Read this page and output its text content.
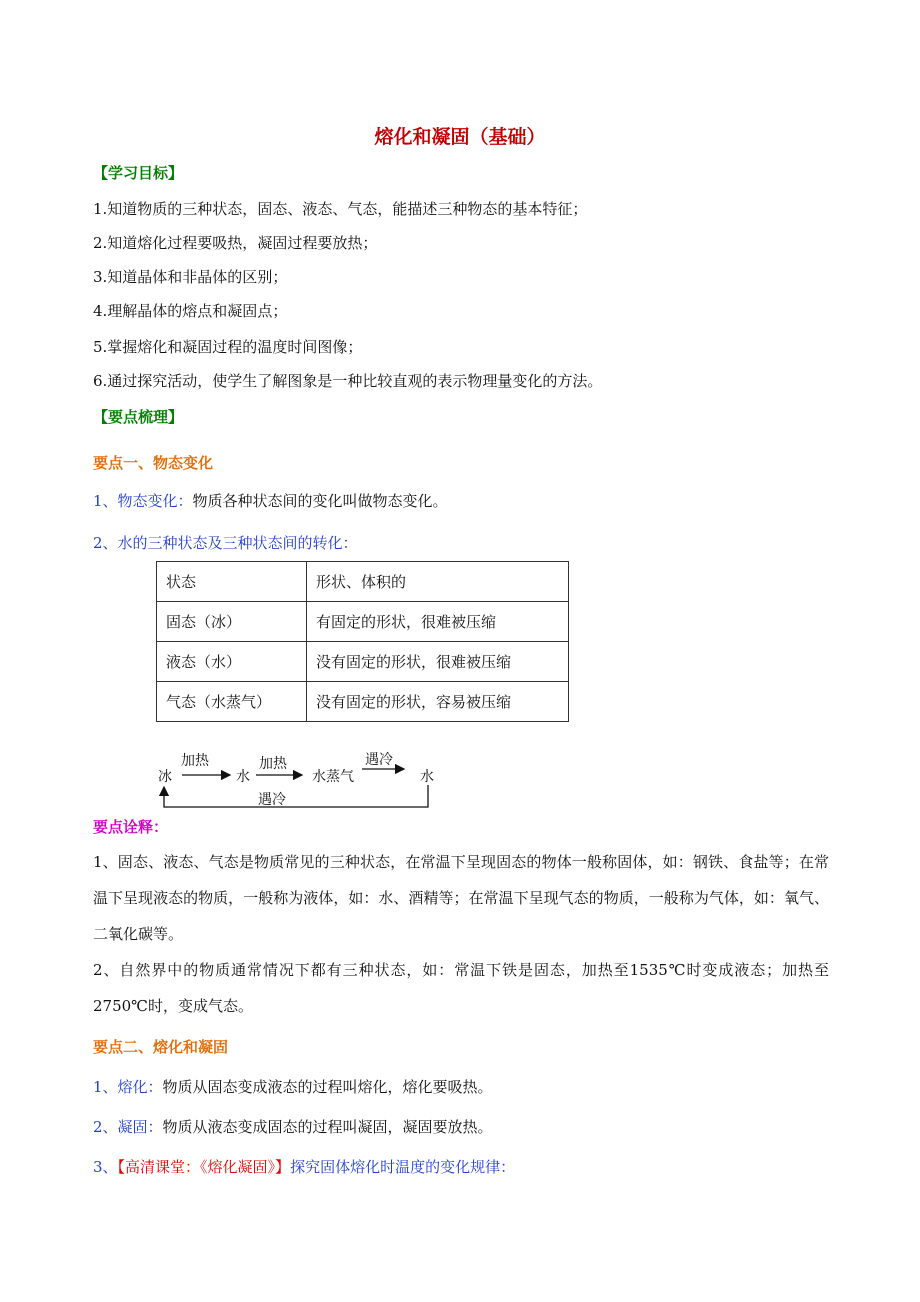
熔化和凝固（基础）
【学习目标】
1.知道物质的三种状态，固态、液态、气态，能描述三种物态的基本特征；
2.知道熔化过程要吸热，凝固过程要放热；
3.知道晶体和非晶体的区别；
4.理解晶体的熔点和凝固点；
5.掌握熔化和凝固过程的温度时间图像；
6.通过探究活动，使学生了解图象是一种比较直观的表示物理量变化的方法。
【要点梳理】
要点一、物态变化
1、物态变化：物质各种状态间的变化叫做物态变化。
2、水的三种状态及三种状态间的转化：
状态	形状、体积的
固态（冰）	有固定的形状，很难被压缩
液态（水）	没有固定的形状，很难被压缩
气态（水蒸气）	没有固定的形状，容易被压缩
冰	水	水蒸气	水
加热	加热	遇冷
遇冷
要点诠释：
1、固态、液态、气态是物质常见的三种状态，在常温下呈现固态的物体一般称固体，如：钢铁、食盐等；在常温下呈现液态的物质，一般称为液体，如：水、酒精等；在常温下呈现气态的物质，一般称为气体，如：氧气、二氧化碳等。
2、自然界中的物质通常情况下都有三种状态，如：常温下铁是固态，加热至1535℃时变成液态；加热至2750℃时，变成气态。
要点二、熔化和凝固
1、熔化：物质从固态变成液态的过程叫熔化，熔化要吸热。
2、凝固：物质从液态变成固态的过程叫凝固，凝固要放热。
3、【高清课堂：《熔化凝固》】探究固体熔化时温度的变化规律：
